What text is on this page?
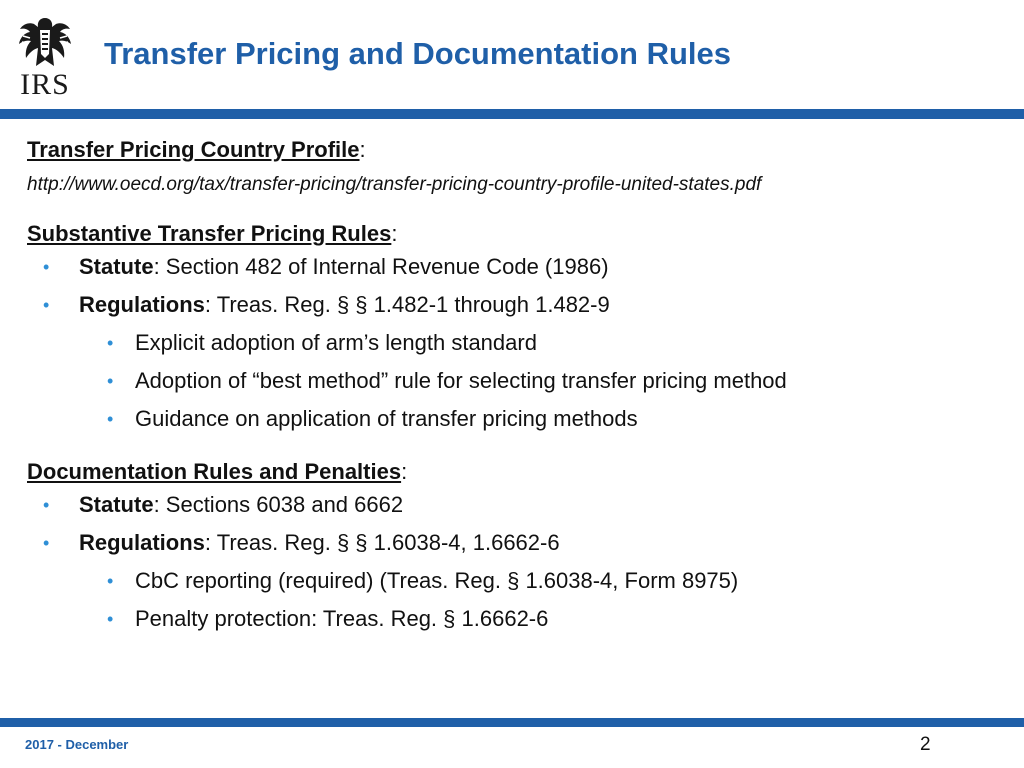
IRS
Transfer Pricing and Documentation Rules
Transfer Pricing Country Profile:
http://www.oecd.org/tax/transfer-pricing/transfer-pricing-country-profile-united-states.pdf
Substantive Transfer Pricing Rules:
• Statute: Section 482 of Internal Revenue Code (1986)
• Regulations: Treas. Reg. § § 1.482-1 through 1.482-9
• Explicit adoption of arm’s length standard
• Adoption of “best method” rule for selecting transfer pricing method
• Guidance on application of transfer pricing methods
Documentation Rules and Penalties:
• Statute: Sections 6038 and 6662
• Regulations: Treas. Reg. § § 1.6038-4, 1.6662-6
• CbC reporting (required) (Treas. Reg. § 1.6038-4, Form 8975)
• Penalty protection: Treas. Reg. § 1.6662-6
2017 - December	2
